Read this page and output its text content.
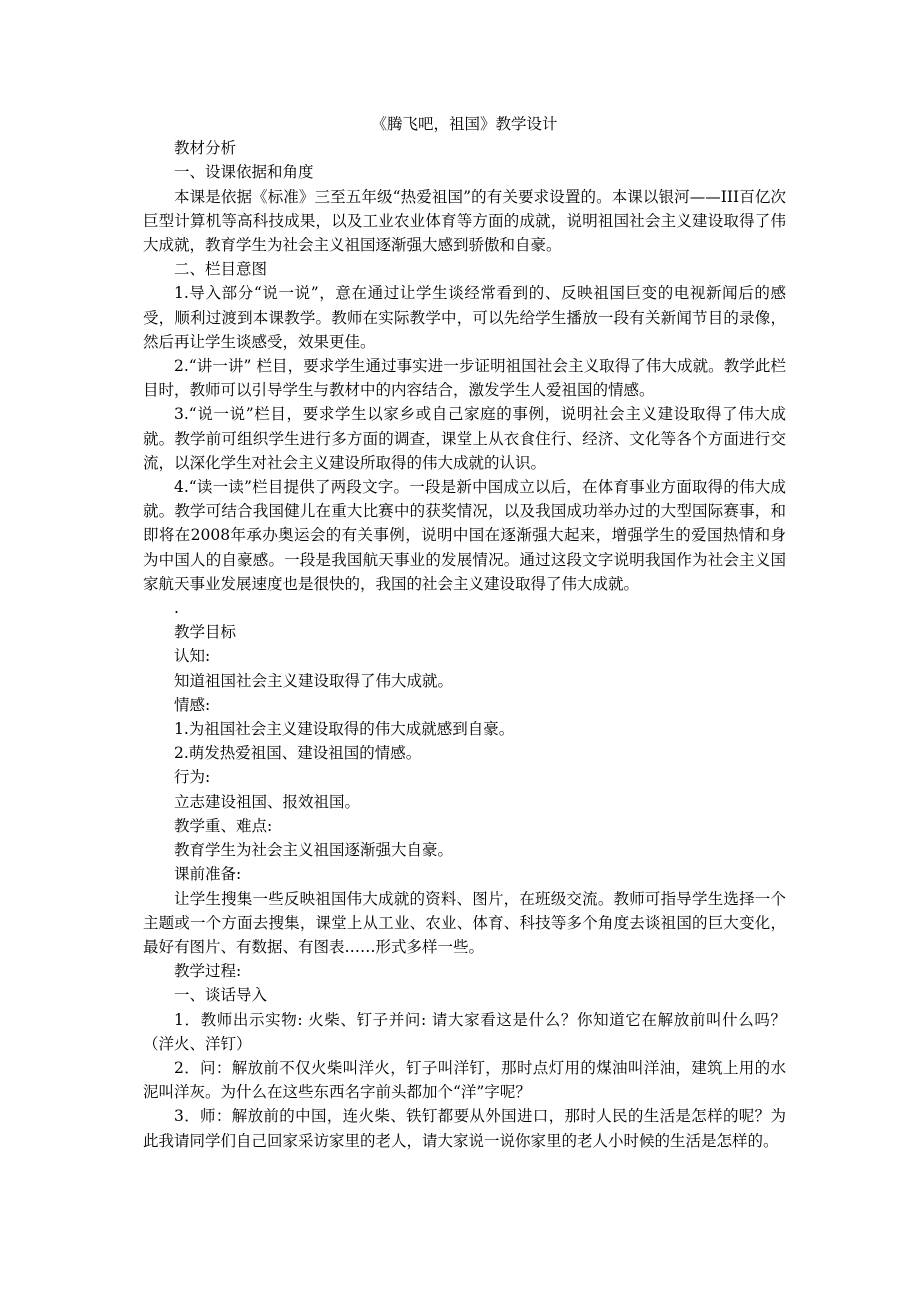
《腾飞吧，祖国》教学设计

教材分析

一、设课依据和角度

本课是依据《标准》三至五年级“热爱祖国”的有关要求设置的。本课以银河——III百亿次巨型计算机等高科技成果，以及工业农业体育等方面的成就，说明祖国社会主义建设取得了伟大成就，教育学生为社会主义祖国逐渐强大感到骄傲和自豪。

二、栏目意图

1.导入部分“说一说”，意在通过让学生谈经常看到的、反映祖国巨变的电视新闻后的感受，顺利过渡到本课教学。教师在实际教学中，可以先给学生播放一段有关新闻节目的录像，然后再让学生谈感受，效果更佳。

2.“讲一讲” 栏目，要求学生通过事实进一步证明祖国社会主义取得了伟大成就。教学此栏目时，教师可以引导学生与教材中的内容结合，激发学生人爱祖国的情感。

3.“说一说”栏目，要求学生以家乡或自己家庭的事例，说明社会主义建设取得了伟大成就。教学前可组织学生进行多方面的调查，课堂上从衣食住行、经济、文化等各个方面进行交流，以深化学生对社会主义建设所取得的伟大成就的认识。

4.“读一读”栏目提供了两段文字。一段是新中国成立以后，在体育事业方面取得的伟大成就。教学可结合我国健儿在重大比赛中的获奖情况，以及我国成功举办过的大型国际赛事，和即将在2008年承办奥运会的有关事例，说明中国在逐渐强大起来，增强学生的爱国热情和身为中国人的自豪感。一段是我国航天事业的发展情况。通过这段文字说明我国作为社会主义国家航天事业发展速度也是很快的，我国的社会主义建设取得了伟大成就。

.

教学目标

认知:

知道祖国社会主义建设取得了伟大成就。

情感:

1.为祖国社会主义建设取得的伟大成就感到自豪。

2.萌发热爱祖国、建设祖国的情感。

行为:

立志建设祖国、报效祖国。

教学重、难点:

教育学生为社会主义祖国逐渐强大自豪。

课前准备:

让学生搜集一些反映祖国伟大成就的资料、图片，在班级交流。教师可指导学生选择一个主题或一个方面去搜集，课堂上从工业、农业、体育、科技等多个角度去谈祖国的巨大变化，最好有图片、有数据、有图表……形式多样一些。

教学过程:

一、谈话导入

1．教师出示实物: 火柴、钉子并问: 请大家看这是什么？你知道它在解放前叫什么吗？（洋火、洋钉）

2．问：解放前不仅火柴叫洋火，钉子叫洋钉，那时点灯用的煤油叫洋油，建筑上用的水泥叫洋灰。为什么在这些东西名字前头都加个“洋”字呢？

3．师：解放前的中国，连火柴、铁钉都要从外国进口，那时人民的生活是怎样的呢？为此我请同学们自己回家采访家里的老人，请大家说一说你家里的老人小时候的生活是怎样的。
